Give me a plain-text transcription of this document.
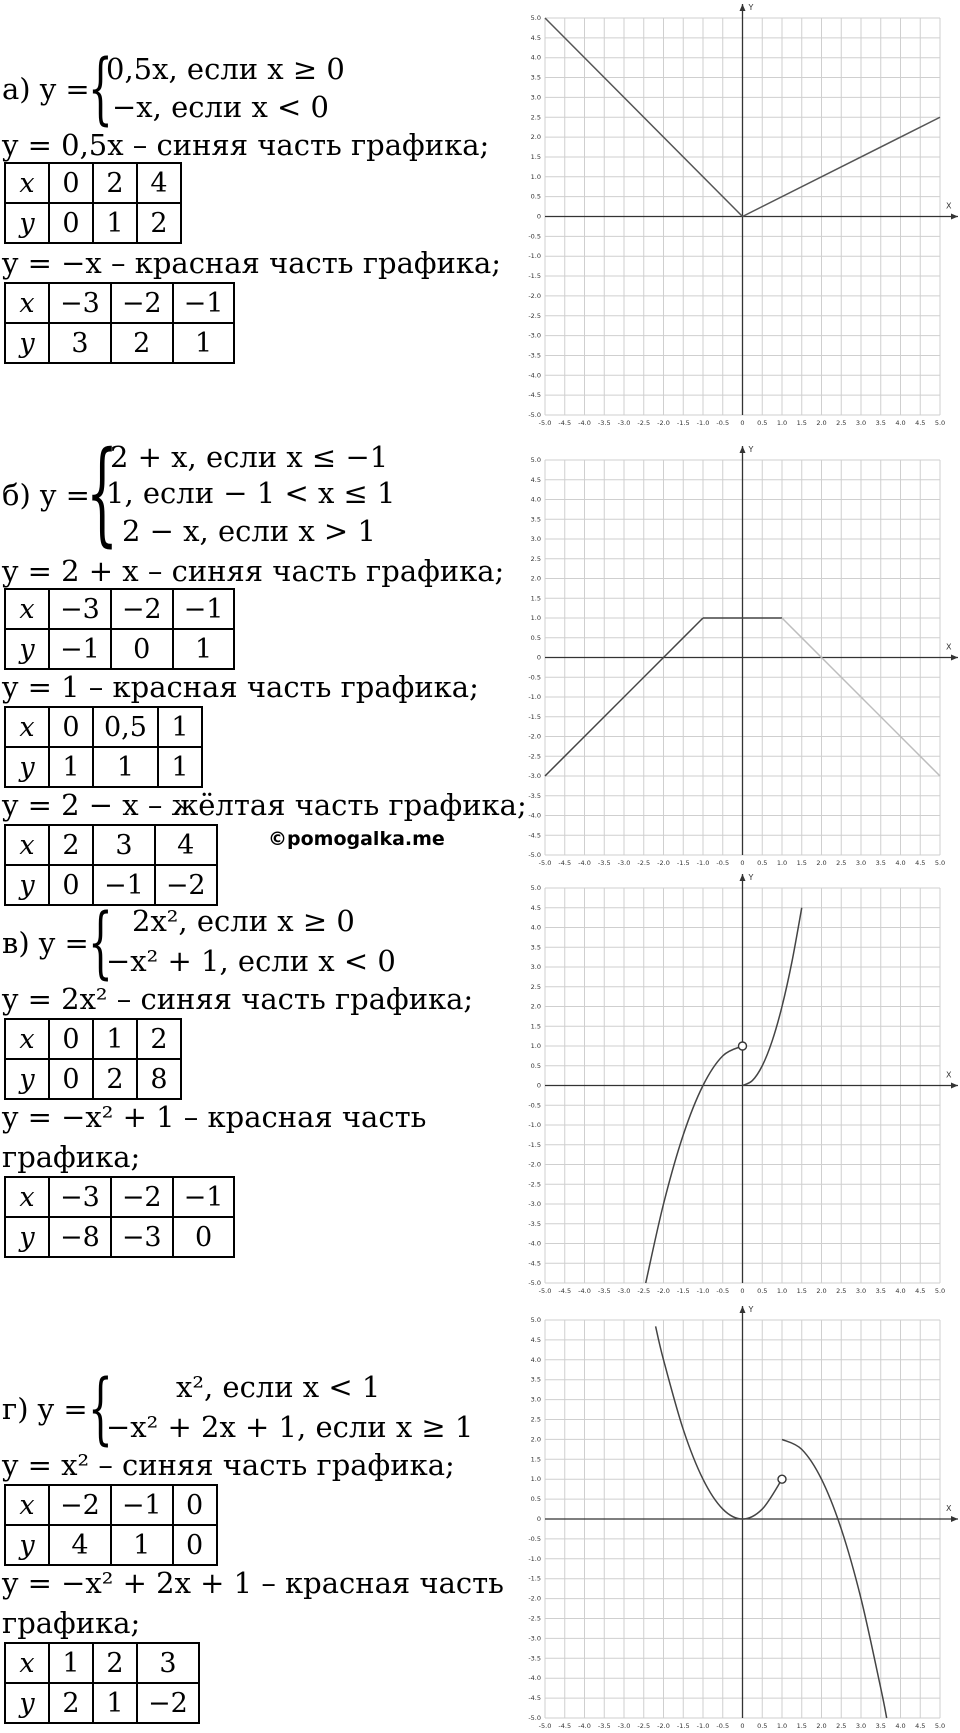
а) y =
{
0,5x, если x ≥ 0
−x, если x < 0
y = 0,5x – синяя часть графика;
x	0	2	4
y	0	1	2
y = −x – красная часть графика;
x	−3	−2	−1
y	3	2	1
б) y =
{
2 + x, если x ≤ −1
1, если − 1 < x ≤ 1
2 − x, если x > 1
y = 2 + x – синяя часть графика;
x	−3	−2	−1
y	−1	0	1
y = 1 – красная часть графика;
x	0	0,5	1
y	1	1	1
y = 2 − x – жёлтая часть графика;
x	2	3	4
y	0	−1	−2
©pomogalka.me
в) y = { 2x², если x ≥ 0
−x² + 1, если x < 0
y = 2x² – синяя часть графика;
x	0	1	2
y	0	2	8
y = −x² + 1 – красная часть
графика;
x	−3	−2	−1
y	−8	−3	0
г) y = { x², если x < 1
−x² + 2x + 1, если x ≥ 1
y = x² – синяя часть графика;
x	−2	−1	0
y	4	1	0
y = −x² + 2x + 1 – красная часть
графика;
x	1	2	3
y	2	1	−2
X
Y
-5.0
-5.0
-4.5
-4.5
-4.0
-4.0
-3.5
-3.5
-3.0
-3.0
-2.5
-2.5
-2.0
-2.0
-1.5
-1.5
-1.0
-1.0
-0.5
-0.5
0
0
0.5
0.5
1.0
1.0
1.5
1.5
2.0
2.0
2.5
2.5
3.0
3.0
3.5
3.5
4.0
4.0
4.5
4.5
5.0
5.0
X
Y
-5.0
-5.0
-4.5
-4.5
-4.0
-4.0
-3.5
-3.5
-3.0
-3.0
-2.5
-2.5
-2.0
-2.0
-1.5
-1.5
-1.0
-1.0
-0.5
-0.5
0
0
0.5
0.5
1.0
1.0
1.5
1.5
2.0
2.0
2.5
2.5
3.0
3.0
3.5
3.5
4.0
4.0
4.5
4.5
5.0
5.0
X
Y
-5.0
-5.0
-4.5
-4.5
-4.0
-4.0
-3.5
-3.5
-3.0
-3.0
-2.5
-2.5
-2.0
-2.0
-1.5
-1.5
-1.0
-1.0
-0.5
-0.5
0
0
0.5
0.5
1.0
1.0
1.5
1.5
2.0
2.0
2.5
2.5
3.0
3.0
3.5
3.5
4.0
4.0
4.5
4.5
5.0
5.0
X
Y
-5.0
-5.0
-4.5
-4.5
-4.0
-4.0
-3.5
-3.5
-3.0
-3.0
-2.5
-2.5
-2.0
-2.0
-1.5
-1.5
-1.0
-1.0
-0.5
-0.5
0
0
0.5
0.5
1.0
1.0
1.5
1.5
2.0
2.0
2.5
2.5
3.0
3.0
3.5
3.5
4.0
4.0
4.5
4.5
5.0
5.0
